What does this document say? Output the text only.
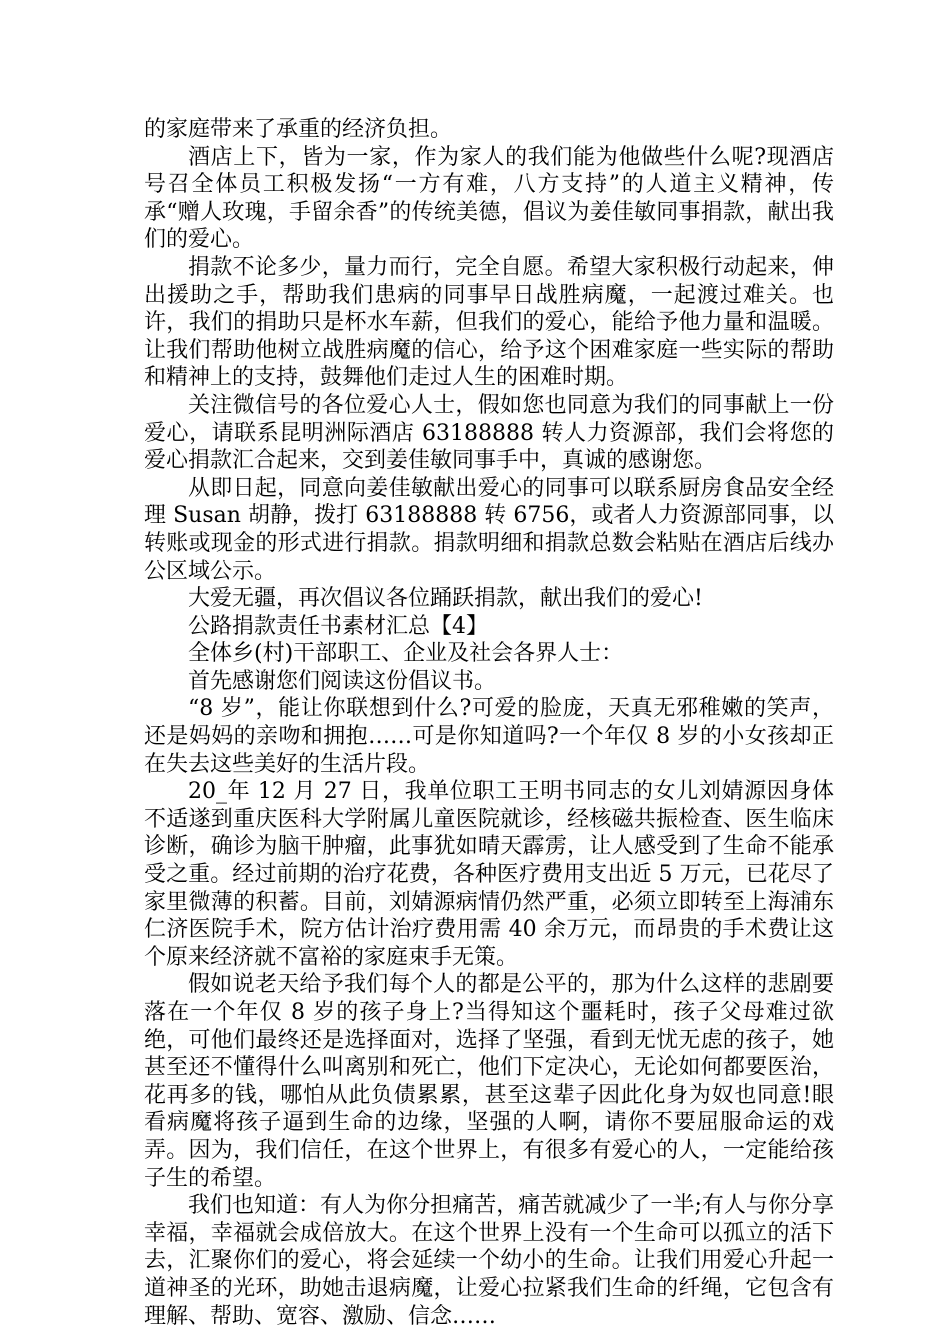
的家庭带来了承重的经济负担。

酒店上下，皆为一家，作为家人的我们能为他做些什么呢?现酒店号召全体员工积极发扬“一方有难，八方支持”的人道主义精神，传承“赠人玫瑰，手留余香”的传统美德，倡议为姜佳敏同事捐款，献出我们的爱心。

捐款不论多少，量力而行，完全自愿。希望大家积极行动起来，伸出援助之手，帮助我们患病的同事早日战胜病魔，一起渡过难关。也许，我们的捐助只是杯水车薪，但我们的爱心，能给予他力量和温暖。让我们帮助他树立战胜病魔的信心，给予这个困难家庭一些实际的帮助和精神上的支持，鼓舞他们走过人生的困难时期。

关注微信号的各位爱心人士，假如您也同意为我们的同事献上一份爱心，请联系昆明洲际酒店 63188888 转人力资源部，我们会将您的爱心捐款汇合起来，交到姜佳敏同事手中，真诚的感谢您。

从即日起，同意向姜佳敏献出爱心的同事可以联系厨房食品安全经理 Susan 胡静，拨打 63188888 转 6756，或者人力资源部同事，以转账或现金的形式进行捐款。捐款明细和捐款总数会粘贴在酒店后线办公区域公示。

大爱无疆，再次倡议各位踊跃捐款，献出我们的爱心!

公路捐款责任书素材汇总【4】

全体乡(村)干部职工、企业及社会各界人士：

首先感谢您们阅读这份倡议书。

“8 岁”，能让你联想到什么?可爱的脸庞，天真无邪稚嫩的笑声，还是妈妈的亲吻和拥抱……可是你知道吗?一个年仅 8 岁的小女孩却正在失去这些美好的生活片段。

20_年 12 月 27 日，我单位职工王明书同志的女儿刘婧源因身体不适遂到重庆医科大学附属儿童医院就诊，经核磁共振检查、医生临床诊断，确诊为脑干肿瘤，此事犹如晴天霹雳，让人感受到了生命不能承受之重。经过前期的治疗花费，各种医疗费用支出近 5 万元，已花尽了家里微薄的积蓄。目前，刘婧源病情仍然严重，必须立即转至上海浦东仁济医院手术，院方估计治疗费用需 40 余万元，而昂贵的手术费让这个原来经济就不富裕的家庭束手无策。

假如说老天给予我们每个人的都是公平的，那为什么这样的悲剧要落在一个年仅 8 岁的孩子身上?当得知这个噩耗时，孩子父母难过欲绝，可他们最终还是选择面对，选择了坚强，看到无忧无虑的孩子，她甚至还不懂得什么叫离别和死亡，他们下定决心，无论如何都要医治，花再多的钱，哪怕从此负债累累，甚至这辈子因此化身为奴也同意!眼看病魔将孩子逼到生命的边缘，坚强的人啊，请你不要屈服命运的戏弄。因为，我们信任，在这个世界上，有很多有爱心的人，一定能给孩子生的希望。

我们也知道：有人为你分担痛苦，痛苦就减少了一半;有人与你分享幸福，幸福就会成倍放大。在这个世界上没有一个生命可以孤立的活下去，汇聚你们的爱心，将会延续一个幼小的生命。让我们用爱心升起一道神圣的光环，助她击退病魔，让爱心拉紧我们生命的纤绳，它包含有理解、帮助、宽容、激励、信念……
